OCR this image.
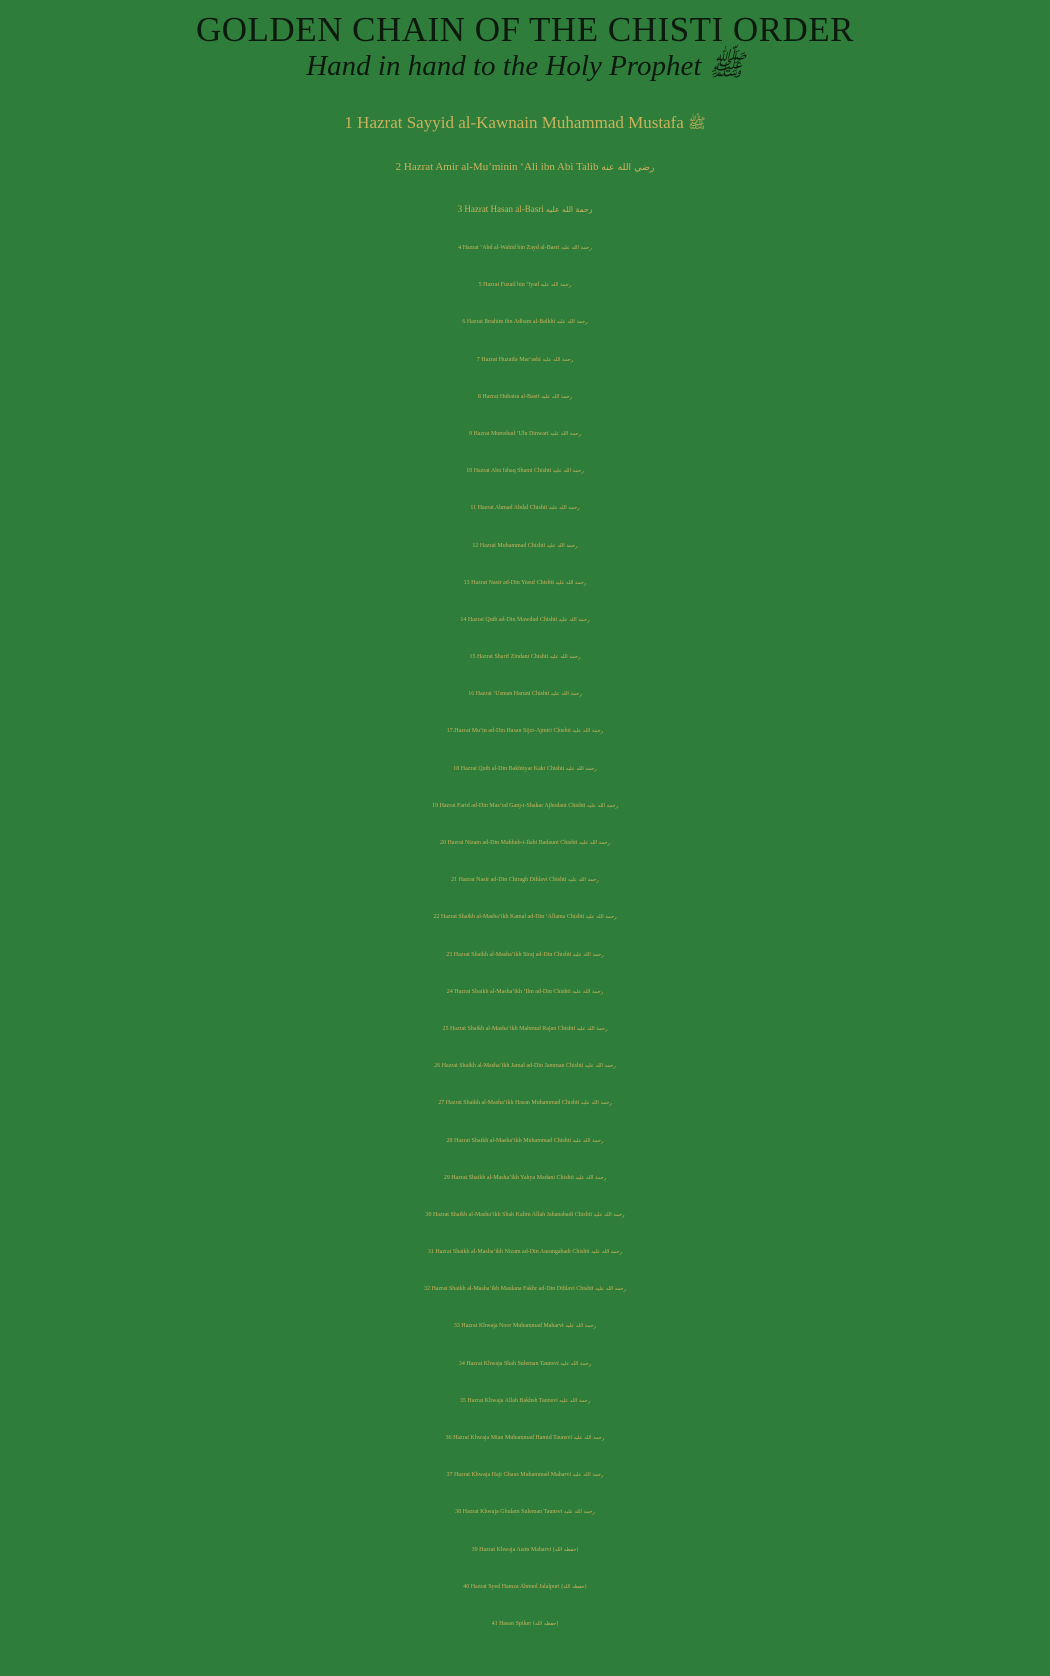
GOLDEN CHAIN OF THE CHISTI ORDER
Hand in hand to the Holy Prophet ﷺ
1 Hazrat Sayyid al-Kawnain Muhammad Mustafa ﷺ
2 Hazrat Amir al-Mu’minin ‘Ali ibn Abi Talib رضي الله عنه
3 Hazrat Hasan al-Basri رحمة الله عليه
4 Hazrat ‘Abd al-Wahid bin Zayd al-Basri رحمة الله عليه
5 Hazrat Fuzail bin ‘Iyad رحمة الله عليه
6 Hazrat Ibrahim ibn Adham al-Balkhi رحمة الله عليه
7 Hazrat Huzaifa Mar‘ashi رحمة الله عليه
8 Hazrat Hubaira al-Basri رحمة الله عليه
9 Hazrat Mumshad ‘Ulu Dinwari رحمة الله عليه
10 Hazrat Abu Ishaq Shami Chishti رحمة الله عليه
11 Hazrat Ahmad Abdal Chishti رحمة الله عليه
12 Hazrat Muhammad Chishti رحمة الله عليه
13 Hazrat Nasir ad-Din Yusuf Chishti رحمة الله عليه
14 Hazrat Qutb ad-Din Mawdud Chishti رحمة الله عليه
15 Hazrat Sharif Zindani Chishti رحمة الله عليه
16 Hazrat ‘Usman Haruni Chishti رحمة الله عليه
17.Hazrat Mu‘in ad-Din Hasan Sijzi-Ajmiri Chishti رحمة الله عليه
18 Hazrat Qutb al-Din Bakhtiyar Kaki Chishti رحمة الله عليه
19 Hazrat Farid ad-Din Mas‘ud Ganj-i-Shakar Ajhodani Chishti رحمة الله عليه
20 Hazrat Nizam ad-Din Mahbub-i-Ilahi Badauni Chishti رحمة الله عليه
21 Hazrat Nasir ad-Din Chiragh Dihlavi Chishti رحمة الله عليه
22 Hazrat Shaikh al-Masha’ikh Kamal ad-Din ‘Allama Chishti رحمة الله عليه
23 Hazrat Shaikh al-Masha’ikh Siraj ad-Din Chishti رحمة الله عليه
24 Hazrat Shaikh al-Masha’ikh ‘Ilm ad-Din Chishti رحمة الله عليه
25 Hazrat Shaikh al-Masha’ikh Mahmud Rajan Chishti رحمة الله عليه
26 Hazrat Shaikh al-Masha’ikh Jamal ad-Din Jamman Chishti رحمة الله عليه
27 Hazrat Shaikh al-Masha’ikh Hasan Muhammad Chishti رحمة الله عليه
28 Hazrat Shaikh al-Masha’ikh Muhammad Chishti رحمة الله عليه
29 Hazrat Shaikh al-Masha’ikh Yahya Madani Chishti رحمة الله عليه
30 Hazrat Shaikh al-Masha’ikh Shah Kalim Allah Jahanabadi Chishti رحمة الله عليه
31 Hazrat Shaikh al-Masha’ikh Nizam ad-Din Aurangabadi Chishti رحمة الله عليه
32 Hazrat Shaikh al-Masha’ikh Maulana Fakhr ad-Din Dihlavi Chishti رحمة الله عليه
33 Hazrat Khwaja Noor Muhammad Maharvi رحمة الله عليه
34 Hazrat Khwaja Shah Suleman Taunsvi رحمة الله عليه
35 Hazrat Khwaja Allah Bakhsh Taunsvi رحمة الله عليه
36 Hazrat Khwaja Mian Muhammad Hamid Taunsvi رحمة الله عليه
37 Hazrat Khwaja Haji Ghaus Muhammad Maharvi رحمة الله عليه
38 Hazrat Khwaja Ghulam Suleman Taunsvi رحمة الله عليه
39 Hazrat Khwaja Asim Maharvi (حفظه الله)
40 Hazrat Syed Hamza Ahmed Jalalpuri (حفظه الله)
41 Hasan Spiker (حفظه الله)
